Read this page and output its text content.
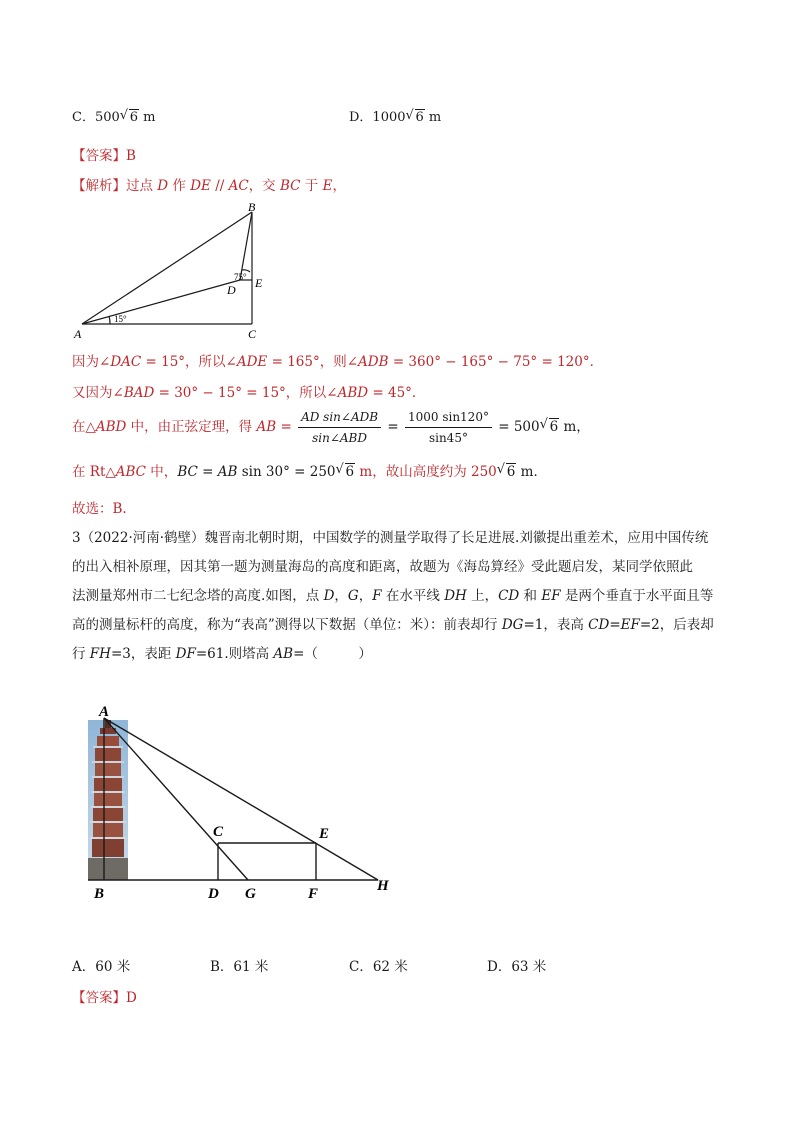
C．500 √ 6 m	D．1000 √ 6 m
【答案】B
【解析】过点 D 作 DE // AC，交 BC 于 E，
B
A	C
D E
15°
75°
因为∠DAC = 15°，所以∠ADE = 165°，则∠ADB = 360° − 165° − 75° = 120°．
又因为∠BAD = 30° − 15° = 15°，所以∠ABD = 45°．
在△ABD 中，由正弦定理，得 AB = $\frac{\text{AD sin∠ADB}}{\text{sin∠ABD}} = \frac{1000 \sin 120^\circ}{\sin 45^\circ} = 500$ √ 6 m，
在 Rt△ABC 中，BC = AB sin 30° = 250 √ 6 m，故山高度约为 250 √ 6 m．
故选：B.
3（2022·河南·鹤壁）魏晋南北朝时期，中国数学的测量学取得了长足进展.刘徽提出重差术，应用中国传统
的出入相补原理，因其第一题为测量海岛的高度和距离，故题为《海岛算经》受此题启发，某同学依照此
法测量郑州市二七纪念塔的高度.如图，点 D，G，F 在水平线 DH 上，CD 和 EF 是两个垂直于水平面且等
高的测量标杆的高度，称为“表高”测得以下数据（单位：米）：前表却行 DG=1，表高 CD=EF=2，后表却
行 FH=3，表距 DF=61.则塔高 AB=（　　　）
A
B
C
D G
E
F	H
A．60 米	B．61 米	C．62 米	D．63 米
【答案】D
